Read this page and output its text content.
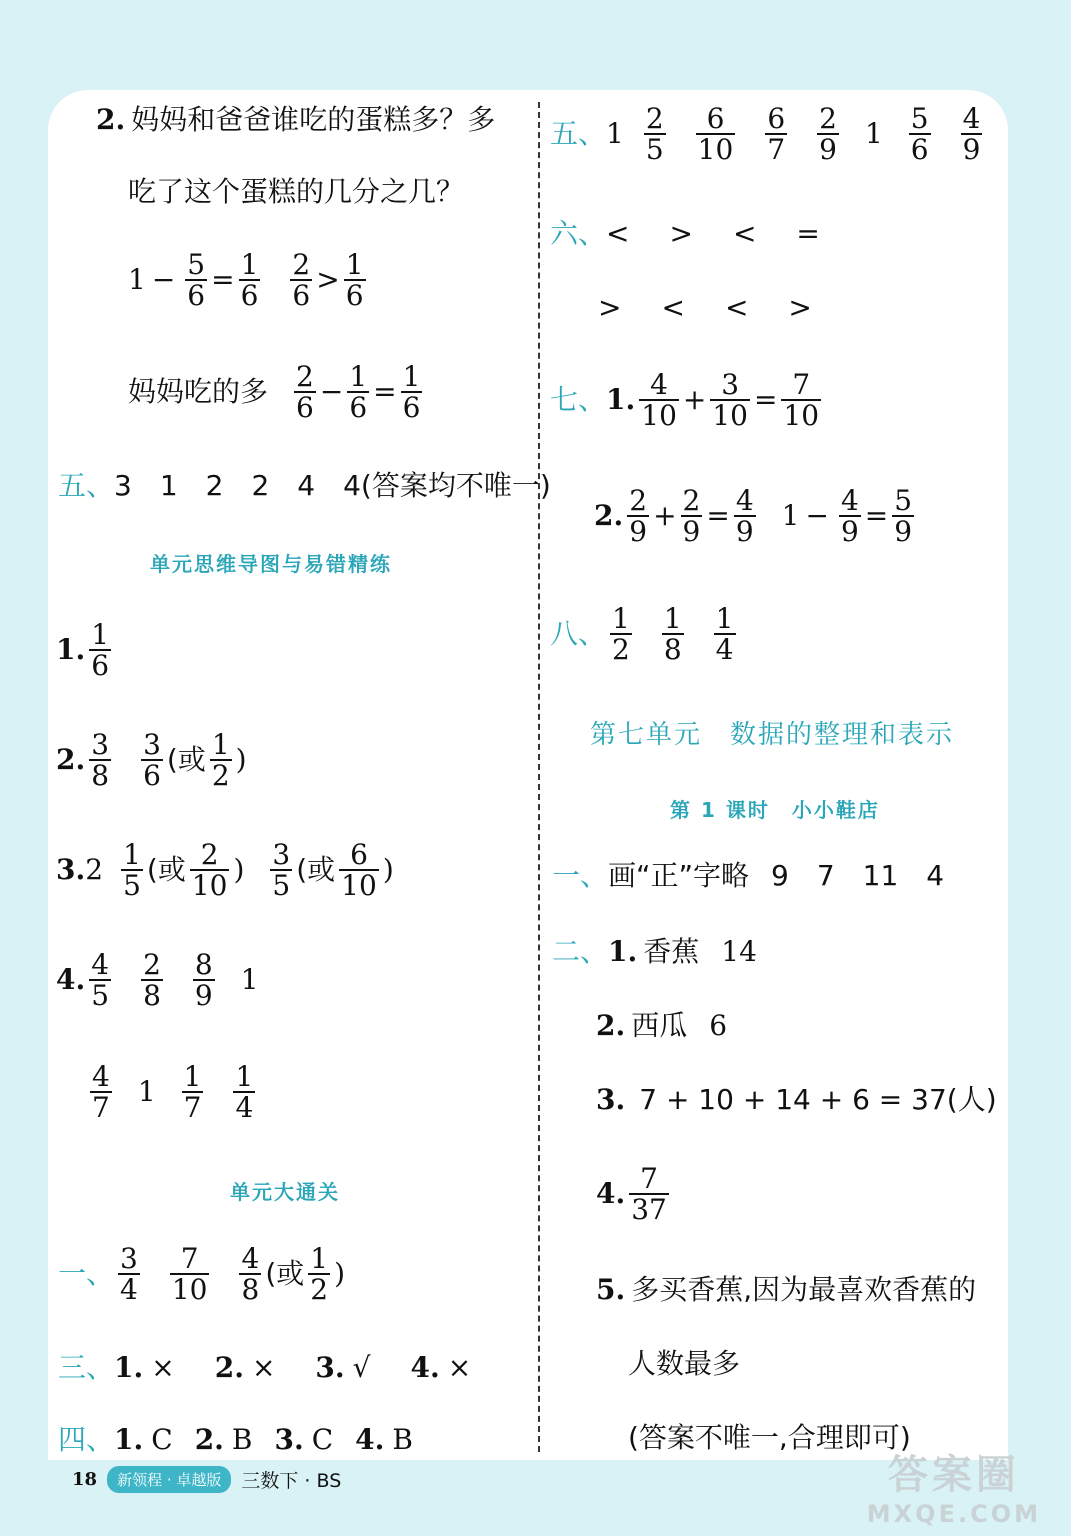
2. 妈妈和爸爸谁吃的蛋糕多？多
吃了这个蛋糕的几分之几？
$1 - \frac{5}{6} = \frac{1}{6} \frac{2}{6} > \frac{1}{6}$
妈妈吃的多 $\frac{2}{6} - \frac{1}{6} = \frac{1}{6}$
五、 3　1　2　2　4　4(答案均不唯一)
单元思维导图与易错精练
1. $\frac{1}{6}$
2. $\frac{3}{8} \frac{3}{6}$ (或 $\frac{1}{2}$ )
3. $2 \frac{1}{5}$ (或 $\frac{2}{10}$ ) $\frac{3}{5}$ (或 $\frac{6}{10}$ )
4. $\frac{4}{5} \frac{2}{8} \frac{8}{9} 1$
$\frac{4}{7} 1 \frac{1}{7} \frac{1}{4}$
单元大通关
一、 $\frac{3}{4} \frac{7}{10} \frac{4}{8}$ (或 $\frac{1}{2}$ )
三、 1. × 2. × 3. √ 4. ×
四、 1. C 2. B 3. C 4. B
五、 $1 \frac{2}{5} \frac{6}{10} \frac{6}{7} \frac{2}{9} 1 \frac{5}{6} \frac{4}{9}$
六、 < > < =
> < < >
七、 1. $\frac{4}{10} + \frac{3}{10} = \frac{7}{10}$
2. $\frac{2}{9} + \frac{2}{9} = \frac{4}{9} 1 - \frac{4}{9} = \frac{5}{9}$
八、 $\frac{1}{2} \frac{1}{8} \frac{1}{4}$
第七单元　数据的整理和表示
第 1 课时　小小鞋店
一、 画“正”字略 9　7　11　4
二、 1. 香蕉 14
2. 西瓜 6
3. 7 + 10 + 14 + 6 = 37(人)
4. $\frac{7}{37}$
5. 多买香蕉,因为最喜欢香蕉的
人数最多
(答案不唯一,合理即可)
18	新领程 · 卓越版	三数下 · BS	答案圈
MXQE.COM
